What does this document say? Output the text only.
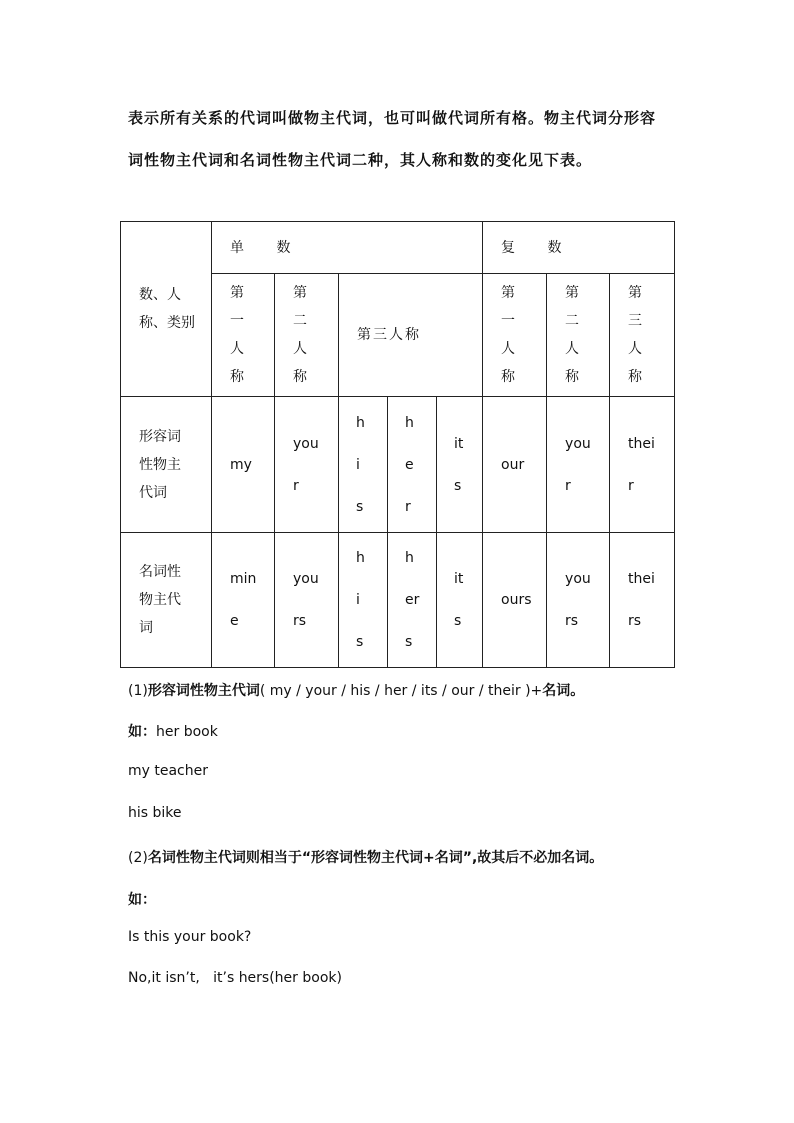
表示所有关系的代词叫做物主代词，也可叫做代词所有格。物主代词分形容
词性物主代词和名词性物主代词二种，其人称和数的变化见下表。
数、人称、类别	单 数					复 数		

	第一人称	第二人称	第三人称			第一人称	第二人称	第三人称

形容词性物主代词	my	your	his	her	its	our	your	their

名词性物主代词	mine	yours	his	hers	its	ours	yours	theirs
(1)形容词性物主代词( my / your / his / her / its / our / their )+名词。
如：her book
my teacher
his bike
(2)名词性物主代词则相当于“形容词性物主代词+名词”,故其后不必加名词。
如：
Is this your book?
No,it isn’t,   it’s hers(her book)
